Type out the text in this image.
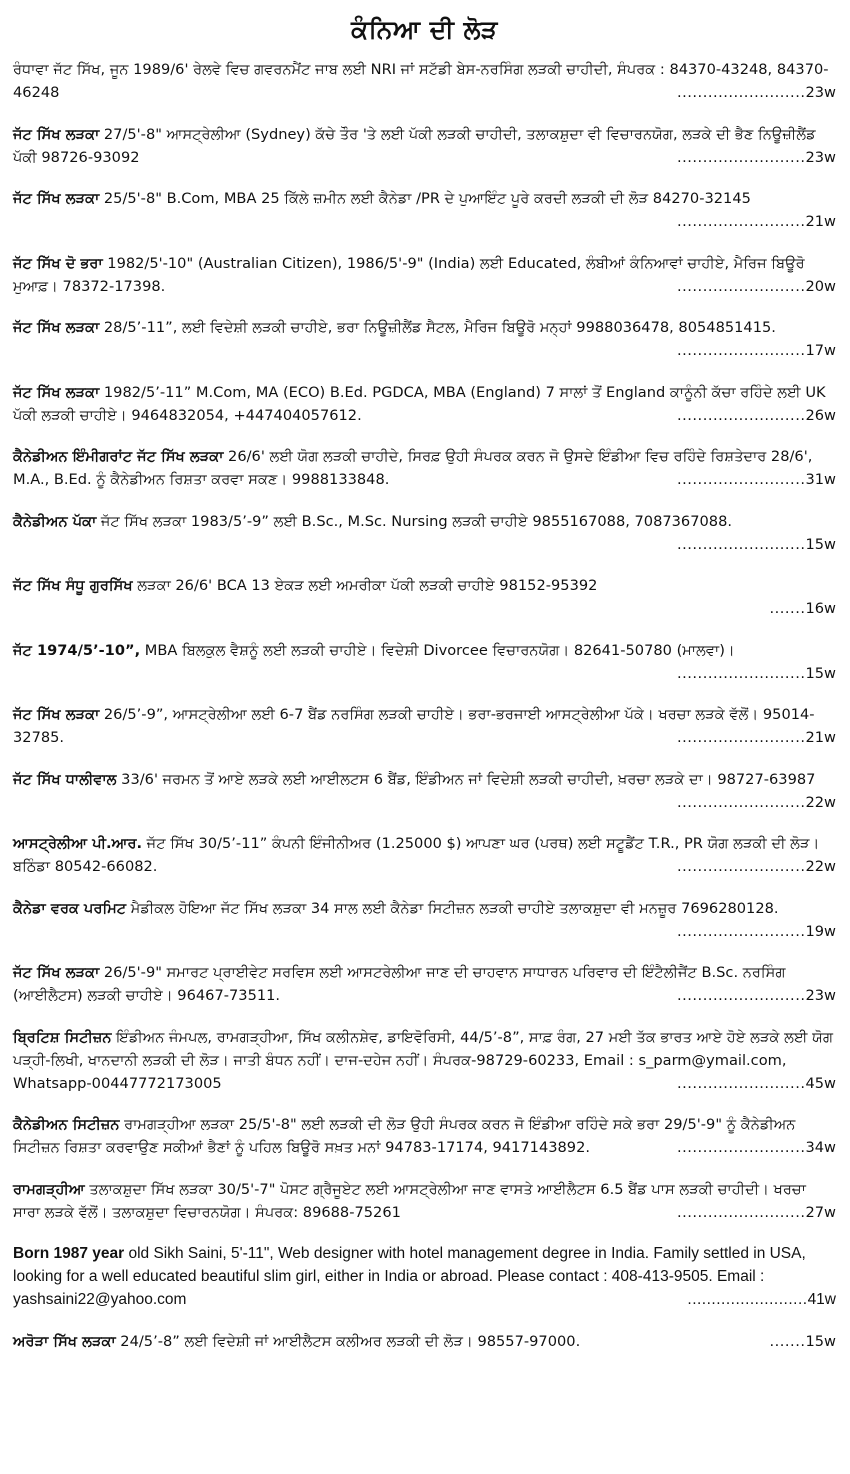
ਕੰਨਿਆ ਦੀ ਲੋੜ
ਰੰਧਾਵਾ ਜੱਟ ਸਿੱਖ, ਜੂਨ 1989/6' ਰੇਲਵੇ ਵਿਚ ਗਵਰਨਮੈਂਟ ਜਾਬ ਲਈ NRI ਜਾਂ ਸਟੱਡੀ ਬੇਸ-ਨਰਸਿੰਗ ਲੜਕੀ ਚਾਹੀਦੀ, ਸੰਪਰਕ : 84370-43248, 84370-46248	.........................23w
ਜੱਟ ਸਿੱਖ ਲੜਕਾ 27/5'-8" ਆਸਟ੍ਰੇਲੀਆ (Sydney) ਕੱਚੇ ਤੌਰ 'ਤੇ ਲਈ ਪੱਕੀ ਲੜਕੀ ਚਾਹੀਦੀ, ਤਲਾਕਸ਼ੁਦਾ ਵੀ ਵਿਚਾਰਨਯੋਗ, ਲੜਕੇ ਦੀ ਭੈਣ ਨਿਊਜ਼ੀਲੈਂਡ ਪੱਕੀ 98726-93092	.........................23w
ਜੱਟ ਸਿੱਖ ਲੜਕਾ 25/5'-8" B.Com, MBA 25 ਕਿੱਲੇ ਜ਼ਮੀਨ ਲਈ ਕੈਨੇਡਾ /PR ਦੇ ਪੁਆਇੰਟ ਪੂਰੇ ਕਰਦੀ ਲੜਕੀ ਦੀ ਲੋੜ 84270-32145
.........................21w
ਜੱਟ ਸਿੱਖ ਦੋ ਭਰਾ 1982/5'-10" (Australian Citizen), 1986/5'-9" (India) ਲਈ Educated, ਲੰਬੀਆਂ ਕੰਨਿਆਵਾਂ ਚਾਹੀਏ, ਮੈਰਿਜ ਬਿਊਰੋ ਮੁਆਫ਼। 78372-17398.	.........................20w
ਜੱਟ ਸਿੱਖ ਲੜਕਾ 28/5’-11”, ਲਈ ਵਿਦੇਸ਼ੀ ਲੜਕੀ ਚਾਹੀਏ, ਭਰਾ ਨਿਊਜ਼ੀਲੈਂਡ ਸੈਟਲ, ਮੈਰਿਜ ਬਿਊਰੋ ਮਨ੍ਹਾਂ 9988036478, 8054851415.
.........................17w
ਜੱਟ ਸਿੱਖ ਲੜਕਾ 1982/5’-11” M.Com, MA (ECO) B.Ed. PGDCA, MBA (England) 7 ਸਾਲਾਂ ਤੋਂ England ਕਾਨੂੰਨੀ ਕੱਚਾ ਰਹਿੰਦੇ ਲਈ UK ਪੱਕੀ ਲੜਕੀ ਚਾਹੀਏ। 9464832054, +447404057612.	.........................26w
ਕੈਨੇਡੀਅਨ ਇੰਮੀਗਰਾਂਟ ਜੱਟ ਸਿੱਖ ਲੜਕਾ 26/6' ਲਈ ਯੋਗ ਲੜਕੀ ਚਾਹੀਦੇ, ਸਿਰਫ਼ ਉਹੀ ਸੰਪਰਕ ਕਰਨ ਜੋ ਉਸਦੇ ਇੰਡੀਆ ਵਿਚ ਰਹਿੰਦੇ ਰਿਸ਼ਤੇਦਾਰ 28/6', M.A., B.Ed. ਨੂੰ ਕੈਨੇਡੀਅਨ ਰਿਸ਼ਤਾ ਕਰਵਾ ਸਕਣ। 9988133848.	.........................31w
ਕੈਨੇਡੀਅਨ ਪੱਕਾ ਜੱਟ ਸਿੱਖ ਲੜਕਾ 1983/5’-9” ਲਈ B.Sc., M.Sc. Nursing ਲੜਕੀ ਚਾਹੀਏ 9855167088, 7087367088.
.........................15w
ਜੱਟ ਸਿੱਖ ਸੰਧੂ ਗੁਰਸਿੱਖ ਲੜਕਾ 26/6' BCA 13 ਏਕੜ ਲਈ ਅਮਰੀਕਾ ਪੱਕੀ ਲੜਕੀ ਚਾਹੀਏ 98152-95392
.......16w
ਜੱਟ 1974/5’-10”, MBA ਬਿਲਕੁਲ ਵੈਸ਼ਨੂੰ ਲਈ ਲੜਕੀ ਚਾਹੀਏ। ਵਿਦੇਸ਼ੀ Divorcee ਵਿਚਾਰਨਯੋਗ। 82641-50780 (ਮਾਲਵਾ)।
.........................15w
ਜੱਟ ਸਿੱਖ ਲੜਕਾ 26/5’-9”, ਆਸਟ੍ਰੇਲੀਆ ਲਈ 6-7 ਬੈਂਡ ਨਰਸਿੰਗ ਲੜਕੀ ਚਾਹੀਏ। ਭਰਾ-ਭਰਜਾਈ ਆਸਟ੍ਰੇਲੀਆ ਪੱਕੇ। ਖਰਚਾ ਲੜਕੇ ਵੱਲੋਂ। 95014-32785.	.........................21w
ਜੱਟ ਸਿੱਖ ਧਾਲੀਵਾਲ 33/6' ਜਰਮਨ ਤੋਂ ਆਏ ਲੜਕੇ ਲਈ ਆਈਲਟਸ 6 ਬੈਂਡ, ਇੰਡੀਅਨ ਜਾਂ ਵਿਦੇਸ਼ੀ ਲੜਕੀ ਚਾਹੀਦੀ, ਖ਼ਰਚਾ ਲੜਕੇ ਦਾ। 98727-63987
.........................22w
ਆਸਟ੍ਰੇਲੀਆ ਪੀ.ਆਰ. ਜੱਟ ਸਿੱਖ 30/5’-11” ਕੰਪਨੀ ਇੰਜੀਨੀਅਰ (1.25000 $) ਆਪਣਾ ਘਰ (ਪਰਥ) ਲਈ ਸਟੂਡੈਂਟ T.R., PR ਯੋਗ ਲੜਕੀ ਦੀ ਲੋੜ। ਬਠਿੰਡਾ 80542-66082.	.........................22w
ਕੈਨੇਡਾ ਵਰਕ ਪਰਮਿਟ ਮੈਡੀਕਲ ਹੋਇਆ ਜੱਟ ਸਿੱਖ ਲੜਕਾ 34 ਸਾਲ ਲਈ ਕੈਨੇਡਾ ਸਿਟੀਜ਼ਨ ਲੜਕੀ ਚਾਹੀਏ ਤਲਾਕਸ਼ੁਦਾ ਵੀ ਮਨਜ਼ੂਰ 7696280128.
.........................19w
ਜੱਟ ਸਿੱਖ ਲੜਕਾ 26/5'-9" ਸਮਾਰਟ ਪ੍ਰਾਈਵੇਟ ਸਰਵਿਸ ਲਈ ਆਸਟਰੇਲੀਆ ਜਾਣ ਦੀ ਚਾਹਵਾਨ ਸਾਧਾਰਨ ਪਰਿਵਾਰ ਦੀ ਇੰਟੈਲੀਜੈਂਟ B.Sc. ਨਰਸਿੰਗ (ਆਈਲੈਟਸ) ਲੜਕੀ ਚਾਹੀਏ। 96467-73511.	.........................23w
ਬ੍ਰਿਟਿਸ਼ ਸਿਟੀਜ਼ਨ ਇੰਡੀਅਨ ਜੰਮਪਲ, ਰਾਮਗੜ੍ਹੀਆ, ਸਿੱਖ ਕਲੀਨਸ਼ੇਵ, ਡਾਇਵੋਰਿਸੀ, 44/5’-8”, ਸਾਫ਼ ਰੰਗ, 27 ਮਈ ਤੱਕ ਭਾਰਤ ਆਏ ਹੋਏ ਲੜਕੇ ਲਈ ਯੋਗ ਪੜ੍ਹੀ-ਲਿਖੀ, ਖਾਨਦਾਨੀ ਲੜਕੀ ਦੀ ਲੋੜ। ਜਾਤੀ ਬੰਧਨ ਨਹੀਂ। ਦਾਜ-ਦਹੇਜ ਨਹੀਂ। ਸੰਪਰਕ-98729-60233, Email : s_parm@ymail.com, Whatsapp-00447772173005	.........................45w
ਕੈਨੇਡੀਅਨ ਸਿਟੀਜ਼ਨ ਰਾਮਗੜ੍ਹੀਆ ਲੜਕਾ 25/5'-8" ਲਈ ਲੜਕੀ ਦੀ ਲੋੜ ਉਹੀ ਸੰਪਰਕ ਕਰਨ ਜੋ ਇੰਡੀਆ ਰਹਿੰਦੇ ਸਕੇ ਭਰਾ 29/5'-9" ਨੂੰ ਕੈਨੇਡੀਅਨ ਸਿਟੀਜ਼ਨ ਰਿਸ਼ਤਾ ਕਰਵਾਉਣ ਸਕੀਆਂ ਭੈਣਾਂ ਨੂੰ ਪਹਿਲ ਬਿਊਰੋ ਸਖ਼ਤ ਮਨਾਂ 94783-17174, 9417143892.	.........................34w
ਰਾਮਗੜ੍ਹੀਆ ਤਲਾਕਸ਼ੁਦਾ ਸਿੱਖ ਲੜਕਾ 30/5'-7" ਪੋਸਟ ਗ੍ਰੈਜੂਏਟ ਲਈ ਆਸਟ੍ਰੇਲੀਆ ਜਾਣ ਵਾਸਤੇ ਆਈਲੈਟਸ 6.5 ਬੈਂਡ ਪਾਸ ਲੜਕੀ ਚਾਹੀਦੀ। ਖਰਚਾ ਸਾਰਾ ਲੜਕੇ ਵੱਲੋਂ। ਤਲਾਕਸ਼ੁਦਾ ਵਿਚਾਰਨਯੋਗ। ਸੰਪਰਕ: 89688-75261	.........................27w
Born 1987 year old Sikh Saini, 5'-11", Web designer with hotel management degree in India. Family settled in USA, looking for a well educated beautiful slim girl, either in India or abroad. Please contact : 408-413-9505. Email : yashsaini22@yahoo.com	.........................41w
ਅਰੋੜਾ ਸਿੱਖ ਲੜਕਾ 24/5’-8” ਲਈ ਵਿਦੇਸ਼ੀ ਜਾਂ ਆਈਲੈਟਸ ਕਲੀਅਰ ਲੜਕੀ ਦੀ ਲੋੜ। 98557-97000.	.......15w
